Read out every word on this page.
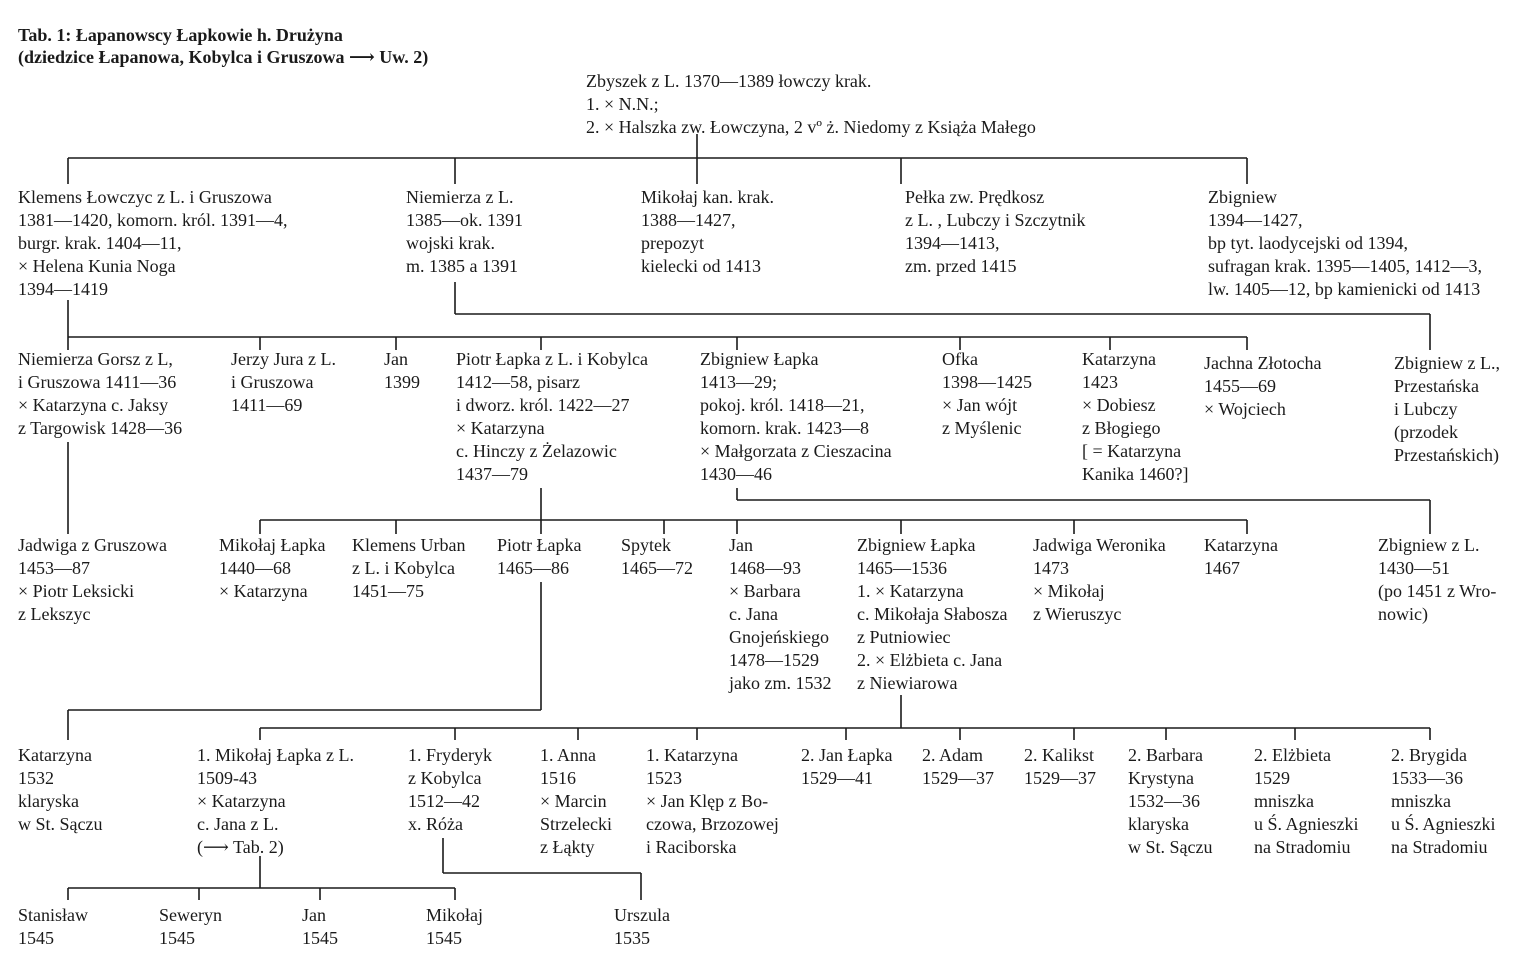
Tab. 1: Łapanowscy Łapkowie h. Drużyna
(dziedzice Łapanowa, Kobylca i Gruszowa ⟶ Uw. 2)
Zbyszek z L. 1370—1389 łowczy krak.
1. × N.N.;
2. × Halszka zw. Łowczyna, 2 vº ż. Niedomy z Książa Małego
Klemens Łowczyc z L. i Gruszowa
1381—1420, komorn. król. 1391—4,
burgr. krak. 1404—11,
× Helena Kunia Noga
1394—1419
Niemierza z L.
1385—ok. 1391
wojski krak.
m. 1385 a 1391
Mikołaj kan. krak.
1388—1427,
prepozyt
kielecki od 1413
Pełka zw. Prędkosz
z L. , Lubczy i Szczytnik
1394—1413,
zm. przed 1415
Zbigniew
1394—1427,
bp tyt. laodycejski od 1394,
sufragan krak. 1395—1405, 1412—3,
lw. 1405—12, bp kamienicki od 1413
Niemierza Gorsz z L,
i Gruszowa 1411—36
× Katarzyna c. Jaksy
z Targowisk 1428—36
Jerzy Jura z L.
i Gruszowa
1411—69
Jan
1399
Piotr Łapka z L. i Kobylca
1412—58, pisarz
i dworz. król. 1422—27
× Katarzyna
c. Hinczy z Żelazowic
1437—79
Zbigniew Łapka
1413—29;
pokoj. król. 1418—21,
komorn. krak. 1423—8
× Małgorzata z Cieszacina
1430—46
Ofka
1398—1425
× Jan wójt
z Myślenic
Katarzyna
1423
× Dobiesz
z Błogiego
[ = Katarzyna
Kanika 1460?]
Jachna Złotocha
1455—69
× Wojciech
Zbigniew z L.,
Przestańska
i Lubczy
(przodek
Przestańskich)
Jadwiga z Gruszowa
1453—87
× Piotr Leksicki
z Lekszyc
Mikołaj Łapka
1440—68
× Katarzyna
Klemens Urban
z L. i Kobylca
1451—75
Piotr Łapka
1465—86
Spytek
1465—72
Jan
1468—93
× Barbara
c. Jana
Gnojeńskiego
1478—1529
jako zm. 1532
Zbigniew Łapka
1465—1536
1. × Katarzyna
c. Mikołaja Słabosza
z Putniowiec
2. × Elżbieta c. Jana
z Niewiarowa
Jadwiga Weronika
1473
× Mikołaj
z Wieruszyc
Katarzyna
1467
Zbigniew z L.
1430—51
(po 1451 z Wro-
nowic)
Katarzyna
1532
klaryska
w St. Sączu
1. Mikołaj Łapka z L.
1509-43
× Katarzyna
c. Jana z L.
(⟶ Tab. 2)
1. Fryderyk
z Kobylca
1512—42
x. Róża
1. Anna
1516
× Marcin
Strzelecki
z Łąkty
1. Katarzyna
1523
× Jan Klęp z Bo-
czowa, Brzozowej
i Raciborska
2. Jan Łapka
1529—41
2. Adam
1529—37
2. Kalikst
1529—37
2. Barbara
Krystyna
1532—36
klaryska
w St. Sączu
2. Elżbieta
1529
mniszka
u Ś. Agnieszki
na Stradomiu
2. Brygida
1533—36
mniszka
u Ś. Agnieszki
na Stradomiu
Stanisław
1545
Seweryn
1545
Jan
1545
Mikołaj
1545
Urszula
1535
